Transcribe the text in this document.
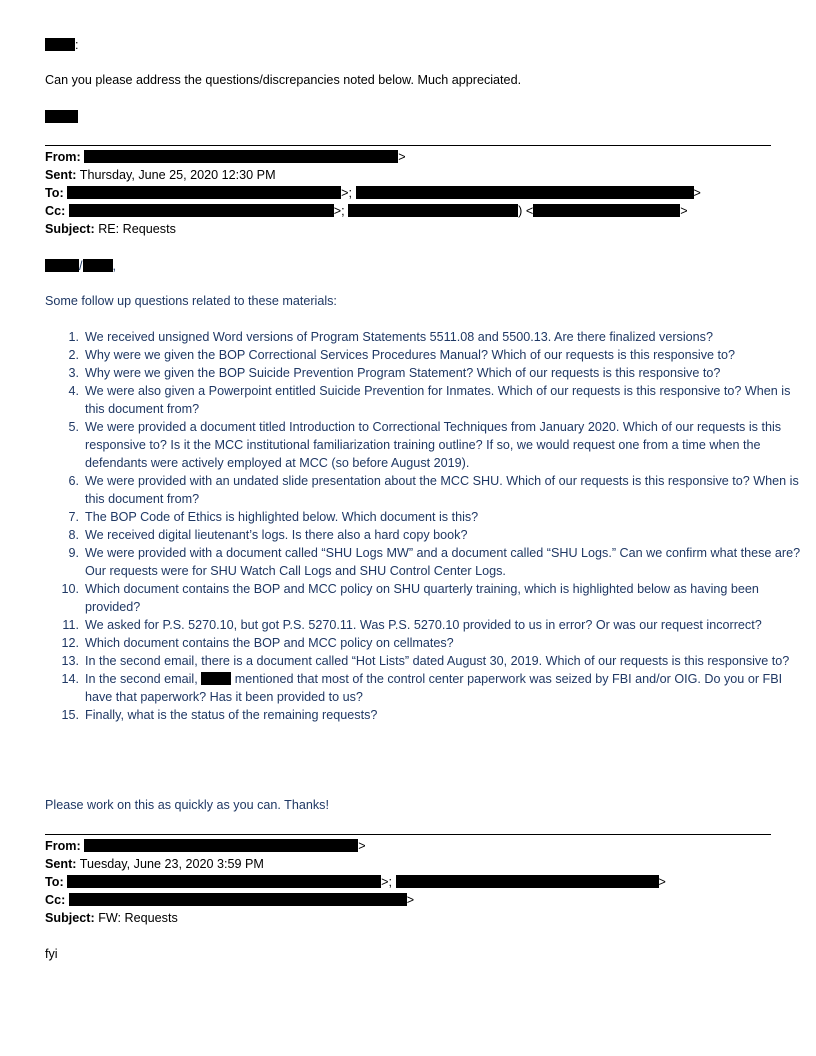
:
Can you please address the questions/discrepancies noted below. Much appreciated.
From:	>
Sent: Thursday, June 25, 2020 12:30 PM
To:	>;	>
Cc:	>;	) <	>
Subject: RE: Requests
/ ,
Some follow up questions related to these materials:
We received unsigned Word versions of Program Statements 5511.08 and 5500.13. Are there finalized versions?
Why were we given the BOP Correctional Services Procedures Manual? Which of our requests is this responsive to?
Why were we given the BOP Suicide Prevention Program Statement? Which of our requests is this responsive to?
We were also given a Powerpoint entitled Suicide Prevention for Inmates. Which of our requests is this responsive to? When is this document from?
We were provided a document titled Introduction to Correctional Techniques from January 2020. Which of our requests is this responsive to? Is it the MCC institutional familiarization training outline? If so, we would request one from a time when the defendants were actively employed at MCC (so before August 2019).
We were provided with an undated slide presentation about the MCC SHU. Which of our requests is this responsive to? When is this document from?
The BOP Code of Ethics is highlighted below. Which document is this?
We received digital lieutenant’s logs. Is there also a hard copy book?
We were provided with a document called “SHU Logs MW” and a document called “SHU Logs.” Can we confirm what these are? Our requests were for SHU Watch Call Logs and SHU Control Center Logs.
Which document contains the BOP and MCC policy on SHU quarterly training, which is highlighted below as having been provided?
We asked for P.S. 5270.10, but got P.S. 5270.11. Was P.S. 5270.10 provided to us in error? Or was our request incorrect?
Which document contains the BOP and MCC policy on cellmates?
In the second email, there is a document called “Hot Lists” dated August 30, 2019. Which of our requests is this responsive to?
In the second email,  mentioned that most of the control center paperwork was seized by FBI and/or OIG. Do you or FBI have that paperwork? Has it been provided to us?
Finally, what is the status of the remaining requests?
Please work on this as quickly as you can. Thanks!
From:	>
Sent: Tuesday, June 23, 2020 3:59 PM
To:	>;	>
Cc:	>
Subject: FW: Requests
fyi
